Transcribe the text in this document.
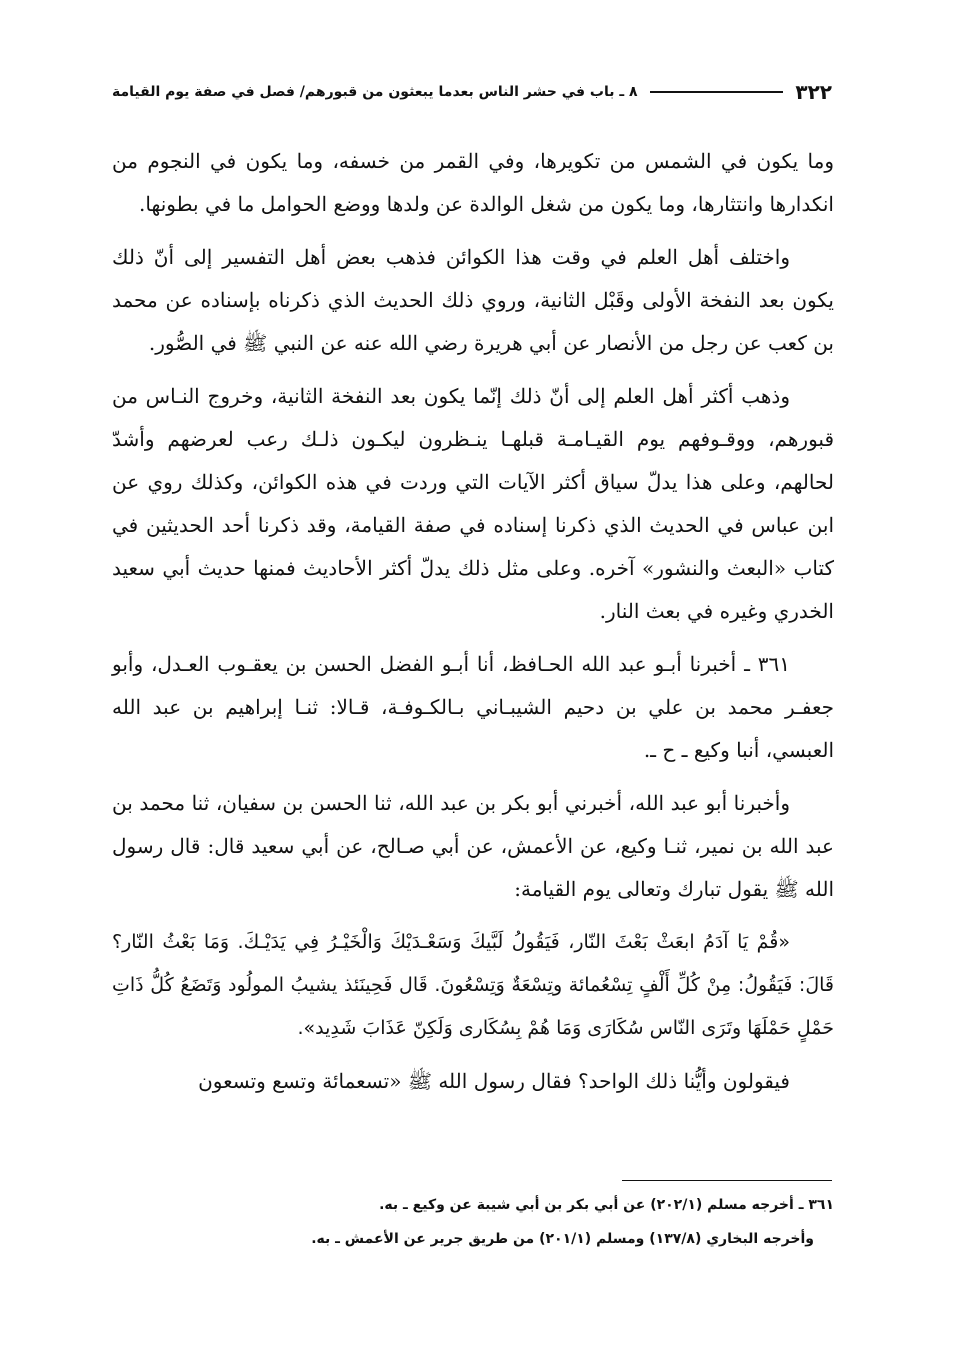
٣٢٢
٨ ـ باب في حشر الناس بعدما يبعثون من قبورهم/ فصل في صفة يوم القيامة

وما يكون في الشمس من تكويرها، وفي القمر من خسفه، وما يكون في النجوم من انكدارها وانتثارها، وما يكون من شغل الوالدة عن ولدها ووضع الحوامل ما في بطونها.

واختلف أهل العلم في وقت هذا الكوائن فذهب بعض أهل التفسير إلى أنّ ذلك يكون بعد النفخة الأولى وقَبْل الثانية، وروي ذلك الحديث الذي ذكرناه بإسناده عن محمد بن كعب عن رجل من الأنصار عن أبي هريرة رضي الله عنه عن النبي ﷺ في الصُّور.

وذهب أكثر أهل العلم إلى أنّ ذلك إنّما يكون بعد النفخة الثانية، وخروج النـاس من قبورهم، ووقـوفهم يوم القيـامـة قبلهـا ينـظرون ليكـون ذلـك رعب لعرضهم وأشدّ لحالهم، وعلى هذا يدلّ سياق أكثر الآيات التي وردت في هذه الكوائن، وكذلك روي عن ابن عباس في الحديث الذي ذكرنا إسناده في صفة القيامة، وقد ذكرنا أحد الحديثين في كتاب «البعث والنشور» آخره. وعلى مثل ذلك يدلّ أكثر الأحاديث فمنها حديث أبي سعيد الخدري وغيره في بعث النار.

٣٦١ ـ أخبرنا أبـو عبد الله الحـافظ، أنا أبـو الفضل الحسن بن يعقـوب العـدل، وأبو جعفـر محمد بن علي بن دحيم الشيبـاني بـالكـوفـة، قـالا: ثنـا إبراهيم بن عبد الله العبسي، أنبا وكيع ـ ح ـ.

وأخبرنا أبو عبد الله، أخبرني أبو بكر بن عبد الله، ثنا الحسن بن سفيان، ثنا محمد بن عبد الله بن نمير، ثنـا وكيع، عن الأعمش، عن أبي صـالح، عن أبي سعيد قال: قال رسول الله ﷺ يقول تبارك وتعالى يوم القيامة:

«قُمْ يَا آدَمُ ابعَثْ بَعْثَ النّار، فَيَقُولُ لَبَّيكَ وَسَعْـدَيْكَ وَالْخَيْـرُ فِي يَدَيْـكَ. وَمَا بَعْثُ النّار؟ قَالَ: فَيَقُولُ: مِنْ كُلِّ أَلْفٍ تِسْعُمائة وتِسْعَةٌ وَتِسْعُونَ. قَال فَحِينَئذ يشيبُ المولُود وَتَضَعُ كُلُّ ذَاتِ حَمْلٍ حَمْلَهَا وتَرَى النّاس سُكَارَى وَمَا هُمْ بِسُكَارى وَلَكِنّ عَذَابَ شَدِيد».

فيقولون وأيُّنا ذلك الواحد؟ فقال رسول الله ﷺ «تسعمائة وتسع وتسعون

٣٦١ ـ أخرجه مسلم (٢٠٢/١) عن أبي بكر بن أبي شيبة عن وكيع ـ به.

وأخرجه البخاري (١٣٧/٨) ومسلم (٢٠١/١) من طريق جرير عن الأعمش ـ به.
